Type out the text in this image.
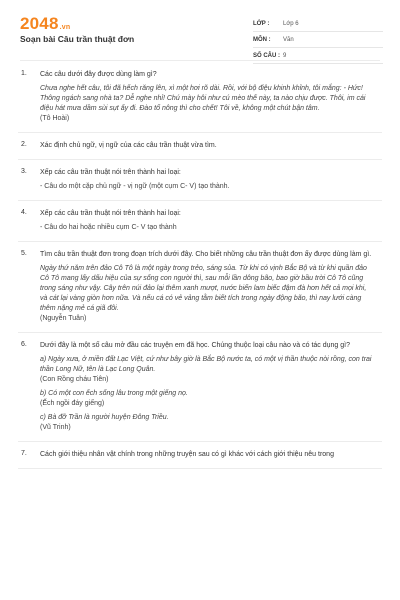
2048.vn
Soạn bài Câu trần thuật đơn
LỚP :	Lớp 6
MÔN :	Văn
SỐ CÂU : 9
1. Các câu dưới đây được dùng làm gì?
Chưa nghe hết câu, tôi đã hếch răng lên, xì một hơi rõ dài. Rồi, với bộ điệu khinh khỉnh, tôi mắng: - Hức! Thông ngách sang nhà ta? Dễ nghe nhỉ! Chú mày hôi như cú mèo thế này, ta nào chịu được. Thôi, im cái điệu hát mưa dầm sùi sụt ấy đi. Đào tổ nông thì cho chết! Tôi về, không một chút bận tâm.
(Tô Hoài)
2. Xác định chủ ngữ, vị ngữ của các câu trần thuật vừa tìm.
3. Xếp các câu trần thuật nói trên thành hai loại:
- Câu do một cặp chủ ngữ - vị ngữ (một cụm C- V) tạo thành.
4. Xếp các câu trần thuật nói trên thành hai loại:
- Câu do hai hoặc nhiều cụm C- V tạo thành
5. Tìm câu trần thuật đơn trong đoạn trích dưới đây. Cho biết những câu trần thuật đơn ấy được dùng làm gì.
Ngày thứ năm trên đảo Cô Tô là một ngày trong trẻo, sáng sủa. Từ khi có vịnh Bắc Bộ và từ khi quần đảo Cô Tô mang lấy dấu hiệu của sự sống con người thì, sau mỗi lần dông bão, bao giờ bầu trời Cô Tô cũng trong sáng như vậy. Cây trên núi đảo lại thêm xanh mượt, nước biển lam biếc đậm đà hơn hết cả mọi khi, và cát lại vàng giòn hơn nữa. Và nếu cá có vẻ vảng tằm biết tích trong ngày động bão, thì nay lưới càng thêm nặng mẻ cá giã đôi.
(Nguyễn Tuân)
6. Dưới đây là một số câu mở đầu các truyện em đã học. Chúng thuộc loại câu nào và có tác dụng gì?
a) Ngày xưa, ở miền đất Lạc Việt, cứ như bây giờ là Bắc Bộ nước ta, có một vị thần thuộc nòi rồng, con trai thần Long Nữ, tên là Lạc Long Quân.
(Con Rồng cháu Tiên)
b) Có một con ếch sống lâu trong một giếng nọ.
(Ếch ngồi đáy giếng)
c) Bà đỡ Trần là người huyện Đông Triều.
(Vũ Trinh)
7. Cách giới thiệu nhân vật chính trong những truyện sau có gì khác với cách giới thiệu nêu trong
